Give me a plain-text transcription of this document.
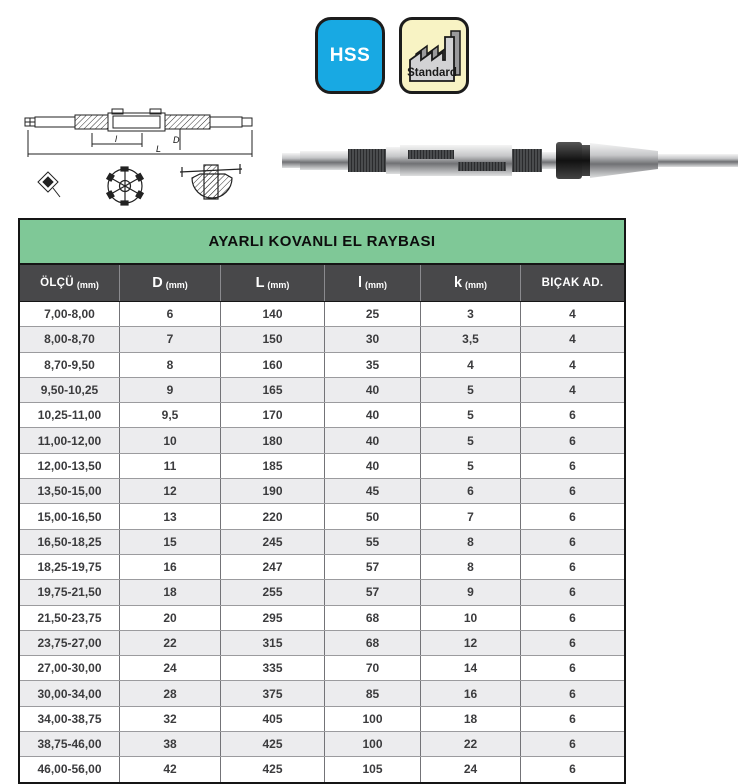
HSS
Standard
l
L
D
AYARLI KOVANLI EL RAYBASI
ÖLÇÜ (mm)	D (mm)	L (mm)	l (mm)	k (mm)	BIÇAK AD.
7,00-8,00	6	140	25	3	4
8,00-8,70	7	150	30	3,5	4
8,70-9,50	8	160	35	4	4
9,50-10,25	9	165	40	5	4
10,25-11,00	9,5	170	40	5	6
11,00-12,00	10	180	40	5	6
12,00-13,50	11	185	40	5	6
13,50-15,00	12	190	45	6	6
15,00-16,50	13	220	50	7	6
16,50-18,25	15	245	55	8	6
18,25-19,75	16	247	57	8	6
19,75-21,50	18	255	57	9	6
21,50-23,75	20	295	68	10	6
23,75-27,00	22	315	68	12	6
27,00-30,00	24	335	70	14	6
30,00-34,00	28	375	85	16	6
34,00-38,75	32	405	100	18	6
38,75-46,00	38	425	100	22	6
46,00-56,00	42	425	105	24	6
